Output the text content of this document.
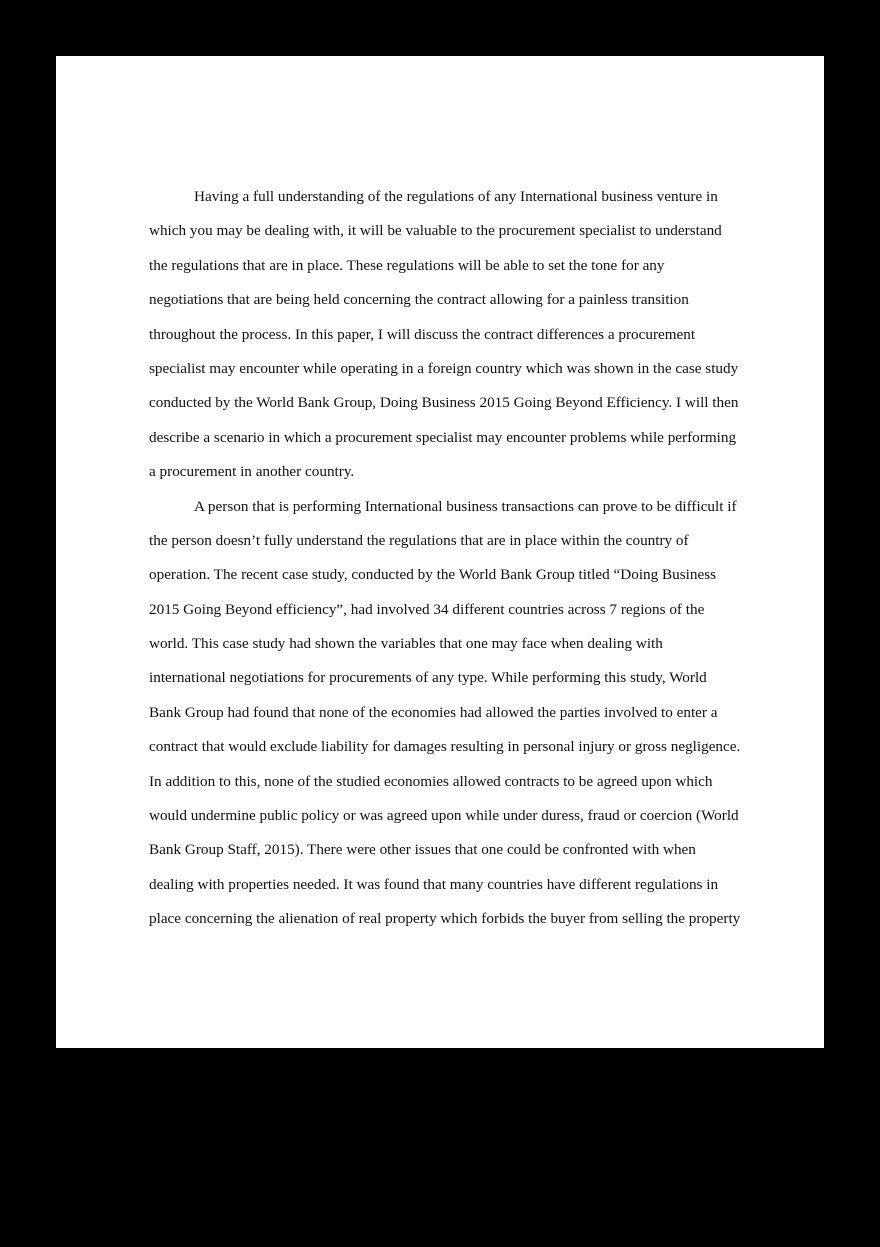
Having a full understanding of the regulations of any International business venture in
which you may be dealing with, it will be valuable to the procurement specialist to understand
the regulations that are in place. These regulations will be able to set the tone for any
negotiations that are being held concerning the contract allowing for a painless transition
throughout the process. In this paper, I will discuss the contract differences a procurement
specialist may encounter while operating in a foreign country which was shown in the case study
conducted by the World Bank Group, Doing Business 2015 Going Beyond Efficiency. I will then
describe a scenario in which a procurement specialist may encounter problems while performing
a procurement in another country.
A person that is performing International business transactions can prove to be difficult if
the person doesn’t fully understand the regulations that are in place within the country of
operation. The recent case study, conducted by the World Bank Group titled “Doing Business
2015 Going Beyond efficiency”, had involved 34 different countries across 7 regions of the
world. This case study had shown the variables that one may face when dealing with
international negotiations for procurements of any type. While performing this study, World
Bank Group had found that none of the economies had allowed the parties involved to enter a
contract that would exclude liability for damages resulting in personal injury or gross negligence.
In addition to this, none of the studied economies allowed contracts to be agreed upon which
would undermine public policy or was agreed upon while under duress, fraud or coercion (World
Bank Group Staff, 2015). There were other issues that one could be confronted with when
dealing with properties needed. It was found that many countries have different regulations in
place concerning the alienation of real property which forbids the buyer from selling the property
